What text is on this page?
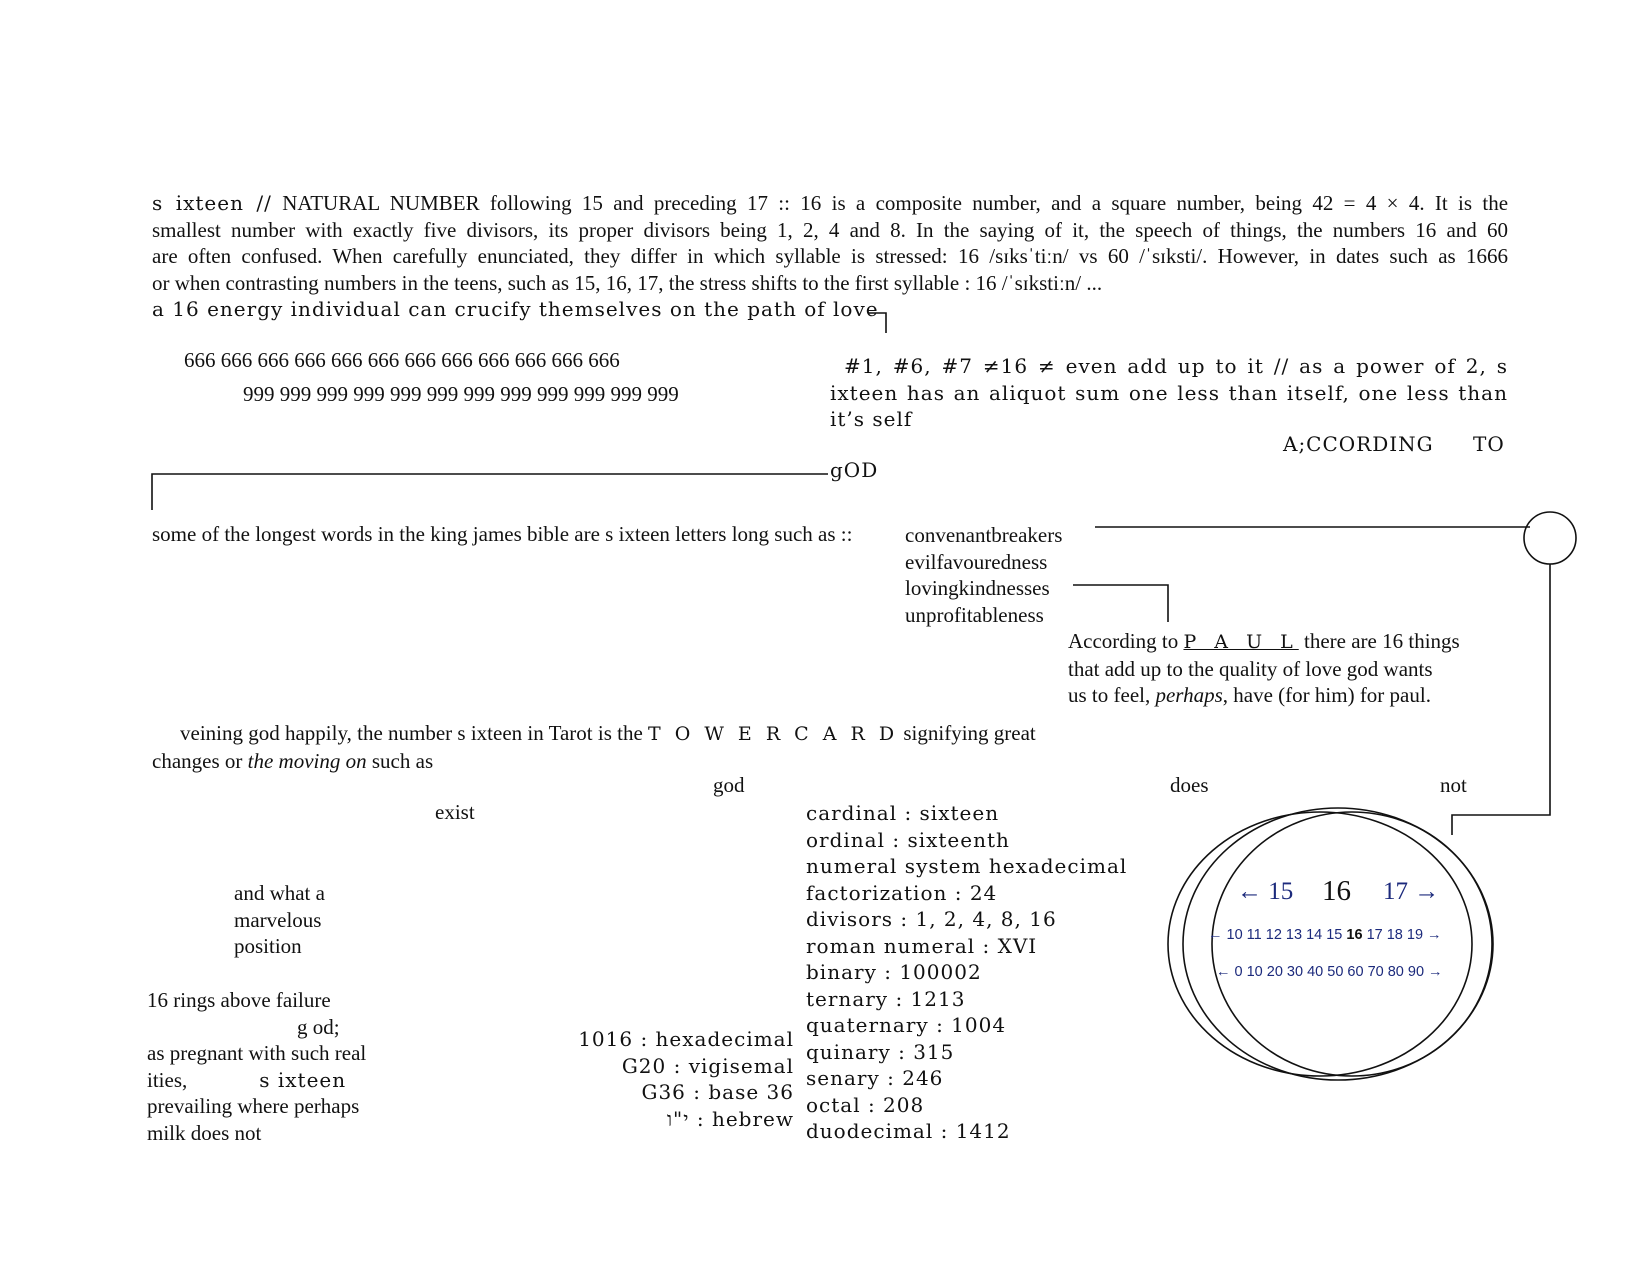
s ixteen // NATURAL NUMBER following 15 and preceding 17 :: 16 is a composite number, and a square number, being 42 = 4 × 4. It is the
smallest number with exactly five divisors, its proper divisors being 1, 2, 4 and 8. In the saying of it, the speech of things, the numbers 16 and 60
are often confused. When carefully enunciated, they differ in which syllable is stressed: 16 /sɪksˈtiːn/ vs 60 /ˈsɪksti/. However, in dates such as 1666
or when contrasting numbers in the teens, such as 15, 16, 17, the stress shifts to the first syllable : 16 /ˈsɪkstiːn/ ...
a 16 energy individual can crucify themselves on the path of love
666 666 666 666 666 666 666 666 666 666 666 666
999 999 999 999 999 999 999 999 999 999 999 999
#1, #6, #7 ≠16 ≠ even add up to it // as a power of 2, s
ixteen has an aliquot sum one less than itself, one less than
it’s self
A;CCORDING TO
gOD
some of the longest words in the king james bible are s ixteen letters long such as ::	convenantbreakers
evilfavouredness
lovingkindnesses
unprofitableness
According to P A U L there are 16 things
that add up to the quality of love god wants
us to feel, perhaps, have (for him) for paul.
veining god happily, the number s ixteen in Tarot is the T O W E R C A R D signifying great
changes or the moving on such as
god	does	not
exist
and what a
marvelous
position
16 rings above failure
g od;
as pregnant with such real
ities,	s ixteen
prevailing where perhaps
milk does not
1016 : hexadecimal
G20 : vigisemal
G36 : base 36
י"ו : hebrew
cardinal : sixteen
ordinal : sixteenth
numeral system hexadecimal
factorization : 24
divisors : 1, 2, 4, 8, 16
roman numeral : XVI
binary : 100002
ternary : 1213
quaternary : 1004
quinary : 315
senary : 246
octal : 208
duodecimal : 1412
← 15 16 17 →
← 10 11 12 13 14 15 16 17 18 19 →
← 0 10 20 30 40 50 60 70 80 90 →
